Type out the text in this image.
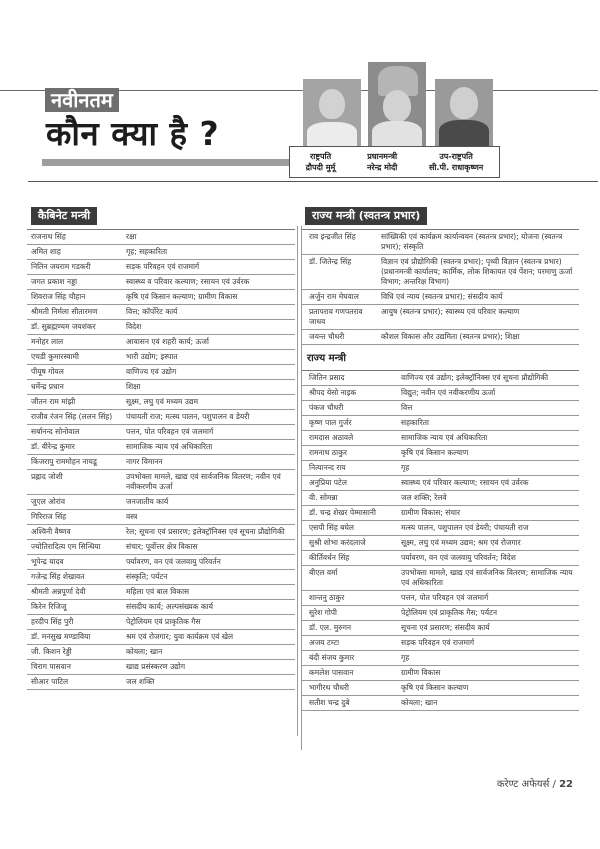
नवीनतम
कौन क्या है ?
राष्ट्रपति
द्रौपदी मुर्मू
प्रधानमन्त्री
नरेन्द्र मोदी
उप-राष्ट्रपति
सी.पी. राधाकृष्णन
कैबिनेट मन्त्री
राजनाथ सिंह	रक्षा
अमित शाह	गृह; सहकारिता
नितिन जयराम गडकरी	सड़क परिवहन एवं राजमार्ग
जगत प्रकाश नड्डा	स्वास्थ्य व परिवार कल्याण; रसायन एवं उर्वरक
शिवराज सिंह चौहान	कृषि एवं किसान कल्याण; ग्रामीण विकास
श्रीमती निर्मला सीतारमण	वित्त; कॉर्पोरेट कार्य
डॉ. सुब्रह्मण्यम जयशंकर	विदेश
मनोहर लाल	आवासन एवं शहरी कार्य; ऊर्जा
एचडी कुमारस्वामी	भारी उद्योग; इस्पात
पीयूष गोयल	वाणिज्य एवं उद्योग
धर्मेन्द्र प्रधान	शिक्षा
जीतन राम मांझी	सूक्ष्म, लघु एवं मध्यम उद्यम
राजीव रंजन सिंह (ललन सिंह)	पंचायती राज; मत्स्य पालन, पशुपालन व डेयरी
सर्बानन्द सोनोवाल	पत्तन, पोत परिवहन एवं जलमार्ग
डॉ. वीरेन्द्र कुमार	सामाजिक न्याय एवं अधिकारिता
किंजरापु राममोहन नायडू	नागर विमानन
प्रह्लाद जोशी	उपभोक्ता मामले, खाद्य एवं सार्वजनिक वितरण; नवीन एवं नवीकरणीय ऊर्जा
जुएल ओरांव	जनजातीय कार्य
गिरिराज सिंह	वस्त्र
अश्विनी वैष्णव	रेल; सूचना एवं प्रसारण; इलेक्ट्रॉनिक्स एवं सूचना प्रौद्योगिकी
ज्योतिरादित्य एम सिन्धिया	संचार; पूर्वोत्तर क्षेत्र विकास
भूपेन्द्र यादव	पर्यावरण, वन एवं जलवायु परिवर्तन
गजेन्द्र सिंह शेखावत	संस्कृति; पर्यटन
श्रीमती अन्नपूर्णा देवी	महिला एवं बाल विकास
किरेन रिजिजू	संसदीय कार्य; अल्पसंख्यक कार्य
हरदीप सिंह पुरी	पेट्रोलियम एवं प्राकृतिक गैस
डॉ. मनसुख मण्डाविया	श्रम एवं रोजगार; युवा कार्यक्रम एवं खेल
जी. किशन रेड्डी	कोयला; खान
चिराग पासवान	खाद्य प्रसंस्करण उद्योग
सीआर पाटिल	जल शक्ति
राज्य मन्त्री (स्वतन्त्र प्रभार)
राव इन्द्रजीत सिंह	सांख्यिकी एवं कार्यक्रम कार्यान्वयन (स्वतन्त्र प्रभार); योजना (स्वतन्त्र प्रभार); संस्कृति
डॉ. जितेन्द्र सिंह	विज्ञान एवं प्रौद्योगिकी (स्वतन्त्र प्रभार); पृथ्वी विज्ञान (स्वतन्त्र प्रभार) (प्रधानमन्त्री कार्यालय; कार्मिक, लोक शिकायत एवं पेंशन; परमाणु ऊर्जा विभाग; अन्तरिक्ष विभाग)
अर्जुन राम मेघवाल	विधि एवं न्याय (स्वतन्त्र प्रभार); संसदीय कार्य
प्रतापराव गणपतराव जाधव	आयुष (स्वतन्त्र प्रभार); स्वास्थ्य एवं परिवार कल्याण
जयन्त चौधरी	कौशल विकास और उद्यमिता (स्वतन्त्र प्रभार); शिक्षा
राज्य मन्त्री
जितिन प्रसाद	वाणिज्य एवं उद्योग; इलेक्ट्रॉनिक्स एवं सूचना प्रौद्योगिकी
श्रीपद येसो नाइक	विद्युत; नवीन एवं नवीकरणीय ऊर्जा
पंकज चौधरी	वित्त
कृष्ण पाल गुर्जर	सहकारिता
रामदास अठावले	सामाजिक न्याय एवं अधिकारिता
रामनाथ ठाकुर	कृषि एवं किसान कल्याण
नित्यानन्द राय	गृह
अनुप्रिया पटेल	स्वास्थ्य एवं परिवार कल्याण; रसायन एवं उर्वरक
वी. सोमन्ना	जल शक्ति; रेलवे
डॉ. चन्द्र शेखर पेम्मासानी	ग्रामीण विकास; संचार
एसपी सिंह बघेल	मत्स्य पालन, पशुपालन एवं डेयरी; पंचायती राज
सुश्री शोभा करंदलाजे	सूक्ष्म, लघु एवं मध्यम उद्यम; श्रम एवं रोजगार
कीर्तिवर्धन सिंह	पर्यावरण, वन एवं जलवायु परिवर्तन; विदेश
बीएल वर्मा	उपभोक्ता मामले, खाद्य एवं सार्वजनिक वितरण; सामाजिक न्याय एवं अधिकारिता
शान्तनु ठाकुर	पत्तन, पोत परिवहन एवं जलमार्ग
सुरेश गोपी	पेट्रोलियम एवं प्राकृतिक गैस; पर्यटन
डॉ. एल. मुरुगन	सूचना एवं प्रसारण; संसदीय कार्य
अजय टम्टा	सड़क परिवहन एवं राजमार्ग
बंदी संजय कुमार	गृह
कमलेश पासवान	ग्रामीण विकास
भागीरथ चौधरी	कृषि एवं किसान कल्याण
सतीश चन्द्र दुबे	कोयला; खान
करेण्ट अफेयर्स / 22
